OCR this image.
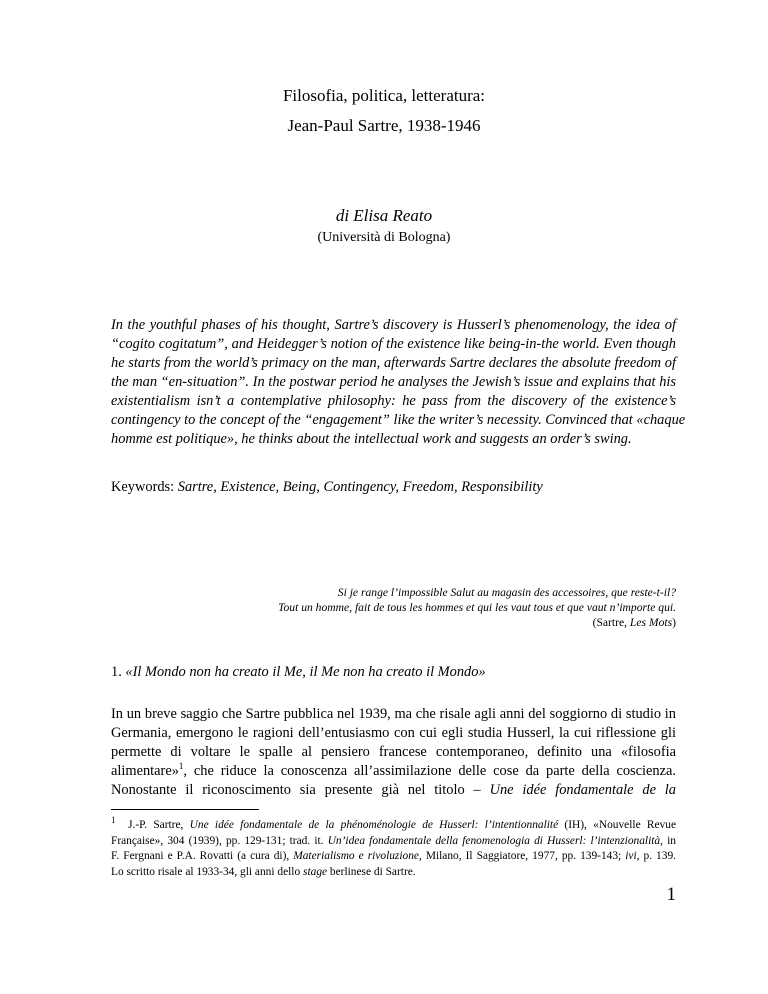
Filosofia, politica, letteratura:
Jean-Paul Sartre, 1938-1946
di Elisa Reato
(Università di Bologna)
In the youthful phases of his thought, Sartre’s discovery is Husserl’s phenomenology, the idea of
“cogito cogitatum”, and Heidegger’s notion of the existence like being-in-the world. Even though
he starts from the world’s primacy on the man, afterwards Sartre declares the absolute freedom of
the man “en-situation”. In the postwar period he analyses the Jewish’s issue and explains that his
existentialism isn’t a contemplative philosophy: he pass from the discovery of the existence’s
contingency to the concept of the “engagement” like the writer’s necessity. Convinced that «chaque
homme est politique», he thinks about the intellectual work and suggests an order’s swing.
Keywords: Sartre, Existence, Being, Contingency, Freedom, Responsibility
Si je range l’impossible Salut au magasin des accessoires, que reste-t-il?
Tout un homme, fait de tous les hommes et qui les vaut tous et que vaut n’importe qui.
(Sartre, Les Mots)
1. «Il Mondo non ha creato il Me, il Me non ha creato il Mondo»
In un breve saggio che Sartre pubblica nel 1939, ma che risale agli anni del soggiorno di studio in
Germania, emergono le ragioni dell’entusiasmo con cui egli studia Husserl, la cui riflessione gli
permette di voltare le spalle al pensiero francese contemporaneo, definito una «filosofia
alimentare»$^1$, che riduce la conoscenza all’assimilazione delle cose da parte della coscienza.
Nonostante il riconoscimento sia presente già nel titolo – Une idée fondamentale de la
$^1$ J.-P. Sartre, Une idée fondamentale de la phénoménologie de Husserl: l’intentionnalité (IH), «Nouvelle Revue
Française», 304 (1939), pp. 129-131; trad. it. Un’idea fondamentale della fenomenologia di Husserl: l’intenzionalità, in
F. Fergnani e P.A. Rovatti (a cura di), Materialismo e rivoluzione, Milano, Il Saggiatore, 1977, pp. 139-143; ivi, p. 139.
Lo scritto risale al 1933-34, gli anni dello stage berlinese di Sartre.
1
